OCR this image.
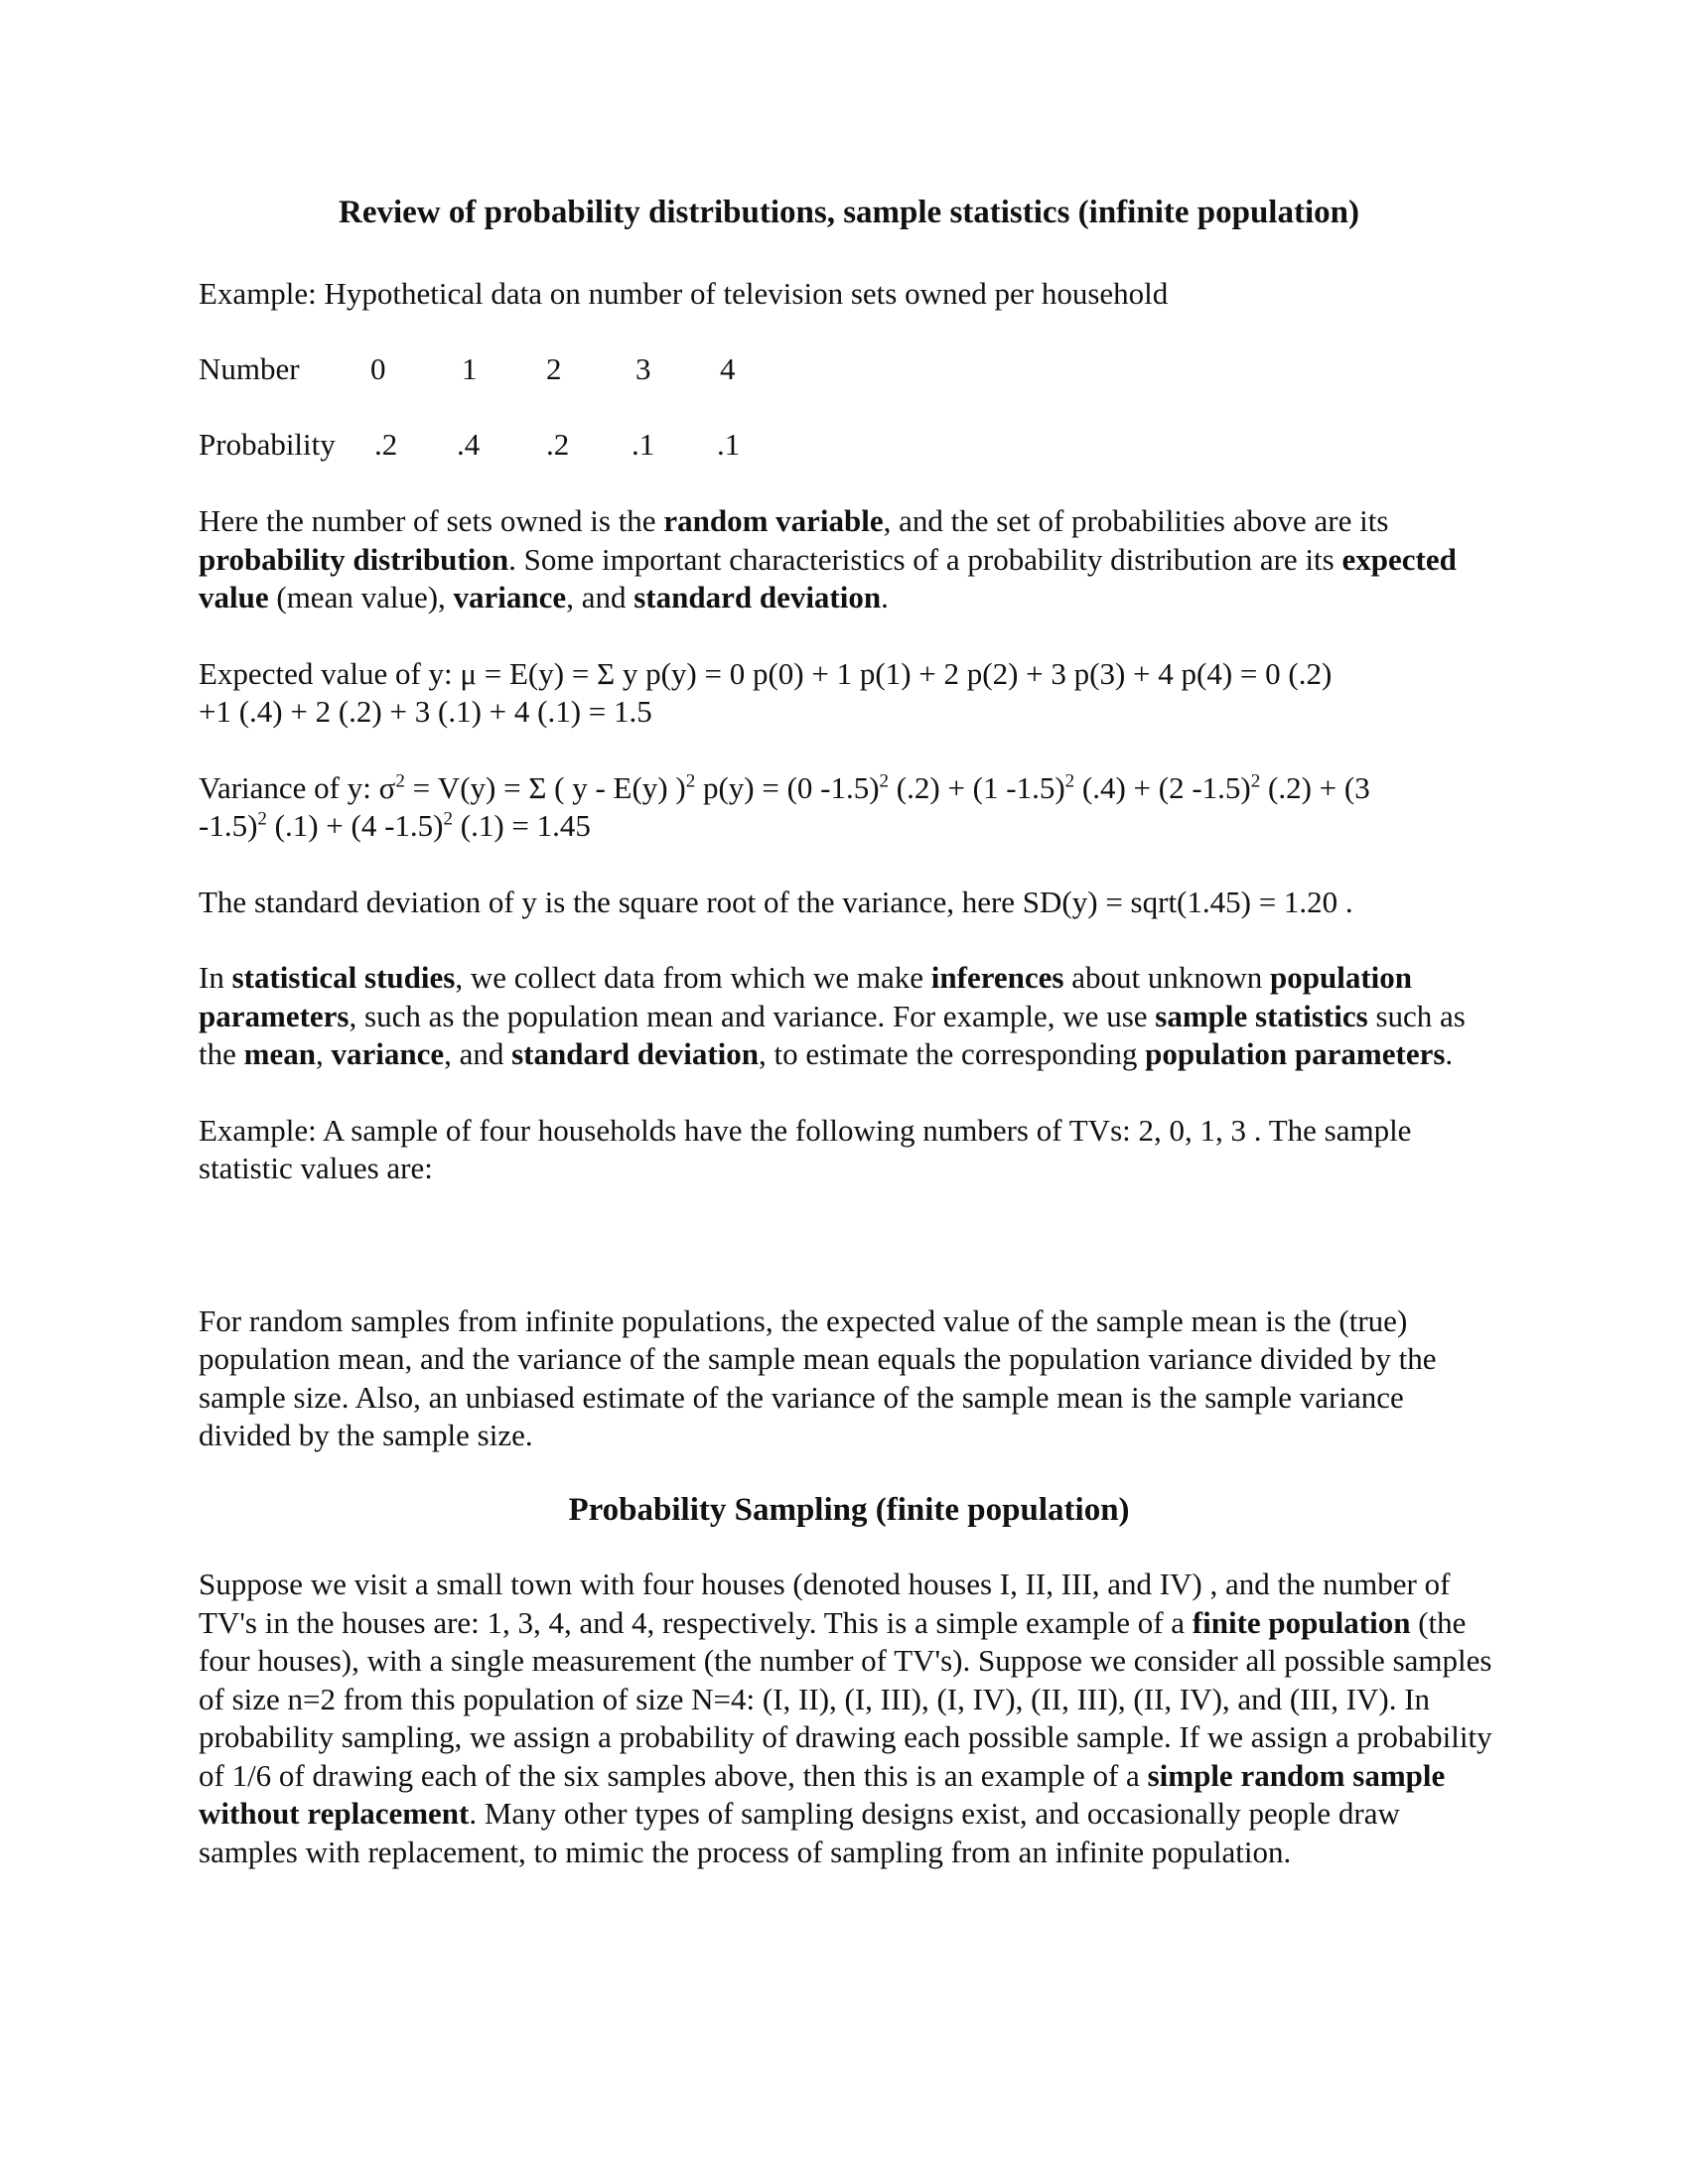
Review of probability distributions, sample statistics (infinite population)

Example: Hypothetical data on number of television sets owned per household

Number 0 1 2 3 4
Probability .2 .4 .2 .1 .1

Here the number of sets owned is the random variable, and the set of probabilities above are its probability distribution. Some important characteristics of a probability distribution are its expected value (mean value), variance, and standard deviation.

Expected value of y: μ = E(y) = Σ y p(y) = 0 p(0) + 1 p(1) + 2 p(2) + 3 p(3) + 4 p(4) = 0 (.2)
+1 (.4) + 2 (.2) + 3 (.1) + 4 (.1) = 1.5

Variance of y: $\sigma^2 = V(y) = \Sigma$ ( y - E(y) )$^2$ p(y) = (0 -1.5)$^2$ (.2) + (1 -1.5)$^2$ (.4) + (2 -1.5)$^2$ (.2) + (3
-1.5)$^2$ (.1) + (4 -1.5)$^2$ (.1) = 1.45

The standard deviation of y is the square root of the variance, here SD(y) = sqrt(1.45) = 1.20 .

In statistical studies, we collect data from which we make inferences about unknown population parameters, such as the population mean and variance. For example, we use sample statistics such as the mean, variance, and standard deviation, to estimate the corresponding population parameters.

Example: A sample of four households have the following numbers of TVs: 2, 0, 1, 3 . The sample statistic values are:

For random samples from infinite populations, the expected value of the sample mean is the (true) population mean, and the variance of the sample mean equals the population variance divided by the sample size. Also, an unbiased estimate of the variance of the sample mean is the sample variance divided by the sample size.

Probability Sampling (finite population)

Suppose we visit a small town with four houses (denoted houses I, II, III, and IV) , and the number of TV's in the houses are: 1, 3, 4, and 4, respectively. This is a simple example of a finite population (the four houses), with a single measurement (the number of TV's). Suppose we consider all possible samples of size n=2 from this population of size N=4: (I, II), (I, III), (I, IV), (II, III), (II, IV), and (III, IV). In probability sampling, we assign a probability of drawing each possible sample. If we assign a probability of 1/6 of drawing each of the six samples above, then this is an example of a simple random sample without replacement. Many other types of sampling designs exist, and occasionally people draw samples with replacement, to mimic the process of sampling from an infinite population.
